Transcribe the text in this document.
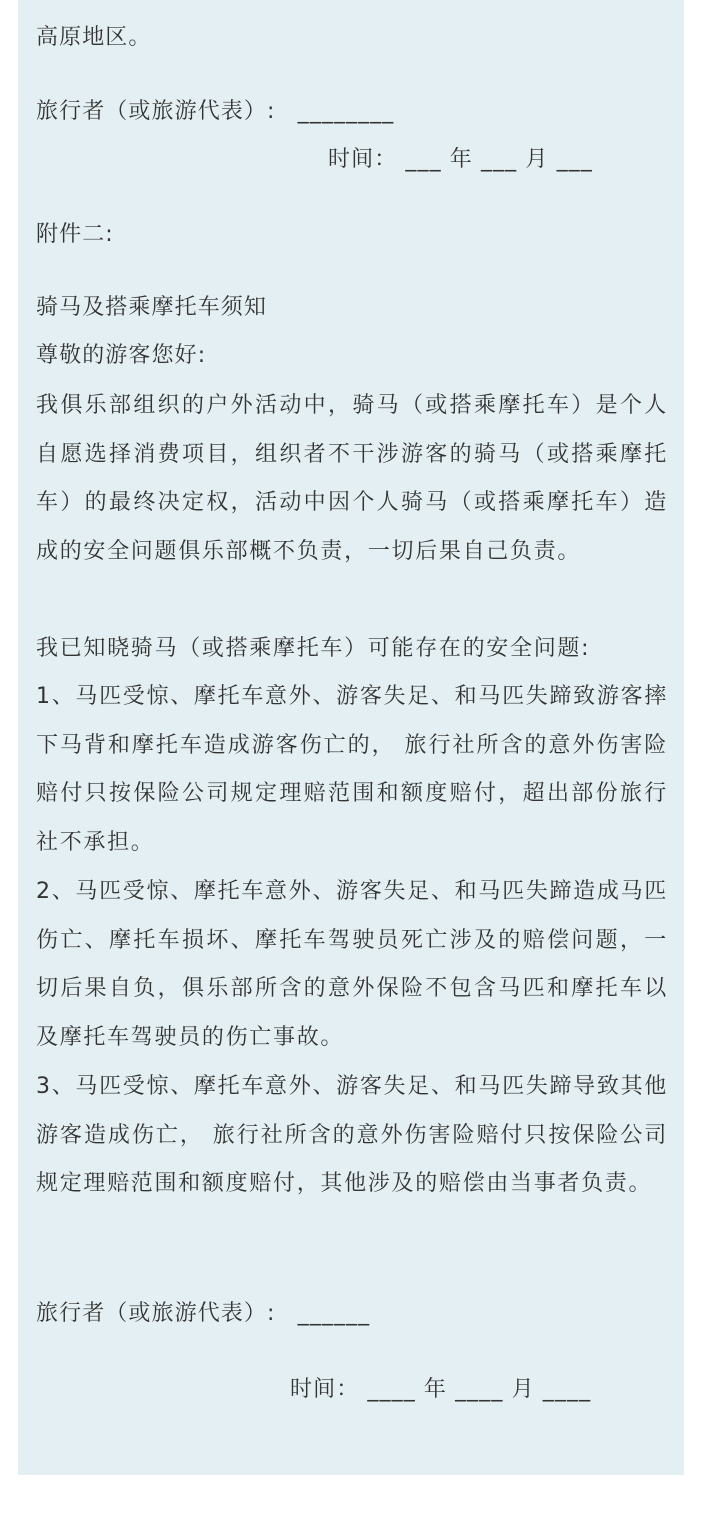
高原地区。
旅行者（或旅游代表）: ________
时间： ___ 年 ___ 月 ___
附件二:
骑马及搭乘摩托车须知
尊敬的游客您好:
我俱乐部组织的户外活动中，骑马（或搭乘摩托车）是个人自愿选择消费项目，组织者不干涉游客的骑马（或搭乘摩托车）的最终决定权，活动中因个人骑马（或搭乘摩托车）造成的安全问题俱乐部概不负责，一切后果自己负责。
我已知晓骑马（或搭乘摩托车）可能存在的安全问题:
1、马匹受惊、摩托车意外、游客失足、和马匹失蹄致游客摔下马背和摩托车造成游客伤亡的， 旅行社所含的意外伤害险赔付只按保险公司规定理赔范围和额度赔付，超出部份旅行社不承担。
2、马匹受惊、摩托车意外、游客失足、和马匹失蹄造成马匹伤亡、摩托车损坏、摩托车驾驶员死亡涉及的赔偿问题，一切后果自负，俱乐部所含的意外保险不包含马匹和摩托车以及摩托车驾驶员的伤亡事故。
3、马匹受惊、摩托车意外、游客失足、和马匹失蹄导致其他游客造成伤亡， 旅行社所含的意外伤害险赔付只按保险公司规定理赔范围和额度赔付，其他涉及的赔偿由当事者负责。
旅行者（或旅游代表）: ______
时间： ____ 年 ____ 月 ____
